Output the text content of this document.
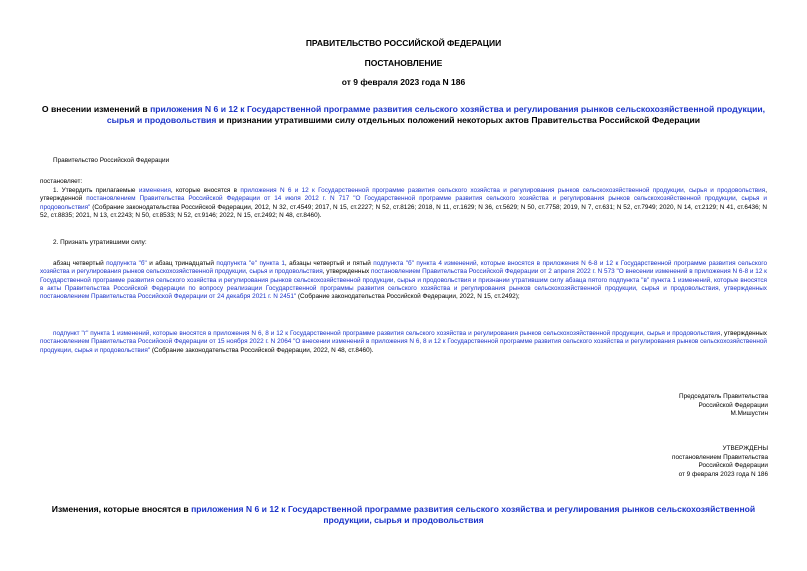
ПРАВИТЕЛЬСТВО РОССИЙСКОЙ ФЕДЕРАЦИИ
ПОСТАНОВЛЕНИЕ
от 9 февраля 2023 года N 186
О внесении изменений в приложения N 6 и 12 к Государственной программе развития сельского хозяйства и регулирования рынков сельскохозяйственной продукции, сырья и продовольствия и признании утратившими силу отдельных положений некоторых актов Правительства Российской Федерации
Правительство Российской Федерации
постановляет:
1. Утвердить прилагаемые изменения, которые вносятся в приложения N 6 и 12 к Государственной программе развития сельского хозяйства и регулирования рынков сельскохозяйственной продукции, сырья и продовольствия, утвержденной постановлением Правительства Российской Федерации от 14 июля 2012 г. N 717 "О Государственной программе развития сельского хозяйства и регулирования рынков сельскохозяйственной продукции, сырья и продовольствия" (Собрание законодательства Российской Федерации, 2012, N 32, ст.4549; 2017, N 15, ст.2227; N 52, ст.8126; 2018, N 11, ст.1629; N 36, ст.5629; N 50, ст.7758; 2019, N 7, ст.631; N 52, ст.7949; 2020, N 14, ст.2129; N 41, ст.6436; N 52, ст.8835; 2021, N 13, ст.2243; N 50, ст.8533; N 52, ст.9146; 2022, N 15, ст.2492; N 48, ст.8460).
2. Признать утратившими силу:
абзац четвертый подпункта "б" и абзац тринадцатый подпункта "е" пункта 1, абзацы четвертый и пятый подпункта "б" пункта 4 изменений, которые вносятся в приложения N 6-8 и 12 к Государственной программе развития сельского хозяйства и регулирования рынков сельскохозяйственной продукции, сырья и продовольствия, утвержденных постановлением Правительства Российской Федерации от 2 апреля 2022 г. N 573 "О внесении изменений в приложения N 6-8 и 12 к Государственной программе развития сельского хозяйства и регулирования рынков сельскохозяйственной продукции, сырья и продовольствия и признании утратившим силу абзаца пятого подпункта "в" пункта 1 изменений, которые вносятся в акты Правительства Российской Федерации по вопросу реализации Государственной программы развития сельского хозяйства и регулирования рынков сельскохозяйственной продукции, сырья и продовольствия, утвержденных постановлением Правительства Российской Федерации от 24 декабря 2021 г. N 2451" (Собрание законодательства Российской Федерации, 2022, N 15, ст.2492);
подпункт "г" пункта 1 изменений, которые вносятся в приложения N 6, 8 и 12 к Государственной программе развития сельского хозяйства и регулирования рынков сельскохозяйственной продукции, сырья и продовольствия, утвержденных постановлением Правительства Российской Федерации от 15 ноября 2022 г. N 2064 "О внесении изменений в приложения N 6, 8 и 12 к Государственной программе развития сельского хозяйства и регулирования рынков сельскохозяйственной продукции, сырья и продовольствия" (Собрание законодательства Российской Федерации, 2022, N 48, ст.8460).
Председатель Правительства
Российской Федерации
М.Мишустин
УТВЕРЖДЕНЫ
постановлением Правительства
Российской Федерации
от 9 февраля 2023 года N 186
Изменения, которые вносятся в приложения N 6 и 12 к Государственной программе развития сельского хозяйства и регулирования рынков сельскохозяйственной продукции, сырья и продовольствия
